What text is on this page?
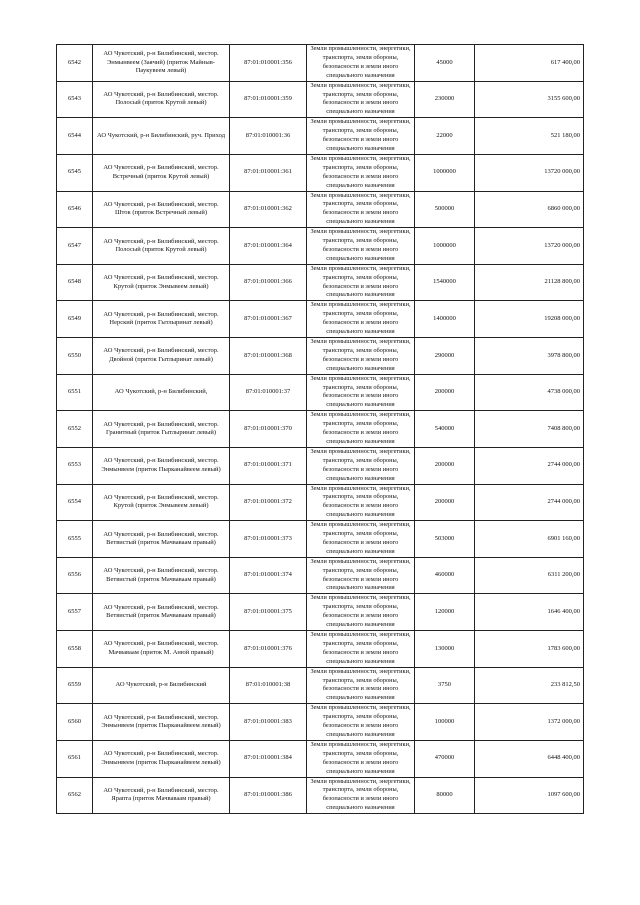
6542	АО Чукотский, р-н Билибинский, местор. Энмынвеем (Заячий) (приток Майныв-Паукувеем левый)	87:01:010001:356	Земли промышленности, энергетики, транспорта, земли обороны, безопасности и земли иного специального назначения	45000	617 400,00
6543	АО Чукотский, р-н Билибинский, местор. Полосый (приток Крутой левый)	87:01:010001:359	Земли промышленности, энергетики, транспорта, земли обороны, безопасности и земли иного специального назначения	230000	3155 600,00
6544	АО Чукотский, р-н Билибинский, руч. Приход	87:01:010001:36	Земли промышленности, энергетики, транспорта, земли обороны, безопасности и земли иного специального назначения	22000	521 180,00
6545	АО Чукотский, р-н Билибинский, местор. Встречный (приток Крутой левый)	87:01:010001:361	Земли промышленности, энергетики, транспорта, земли обороны, безопасности и земли иного специального назначения	1000000	13720 000,00
6546	АО Чукотский, р-н Билибинский, местор. Шток (приток Встречный левый)	87:01:010001:362	Земли промышленности, энергетики, транспорта, земли обороны, безопасности и земли иного специального назначения	500000	6860 000,00
6547	АО Чукотский, р-н Билибинский, местор. Полосый (приток Крутой левый)	87:01:010001:364	Земли промышленности, энергетики, транспорта, земли обороны, безопасности и земли иного специального назначения	1000000	13720 000,00
6548	АО Чукотский, р-н Билибинский, местор. Крутой (приток Энмывеем левый)	87:01:010001:366	Земли промышленности, энергетики, транспорта, земли обороны, безопасности и земли иного специального назначения	1540000	21128 800,00
6549	АО Чукотский, р-н Билибинский, местор. Нерский (приток Гытлыринат левый)	87:01:010001:367	Земли промышленности, энергетики, транспорта, земли обороны, безопасности и земли иного специального назначения	1400000	19208 000,00
6550	АО Чукотский, р-н Билибинский, местор. Двойной (приток Гытлыринат левый)	87:01:010001:368	Земли промышленности, энергетики, транспорта, земли обороны, безопасности и земли иного специального назначения	290000	3978 800,00
6551	АО Чукотский, р-н Билибинский,	87:01:010001:37	Земли промышленности, энергетики, транспорта, земли обороны, безопасности и земли иного специального назначения	200000	4738 000,00
6552	АО Чукотский, р-н Билибинский, местор. Гранитный (приток Гытлыринат левый)	87:01:010001:370	Земли промышленности, энергетики, транспорта, земли обороны, безопасности и земли иного специального назначения	540000	7408 800,00
6553	АО Чукотский, р-н Билибинский, местор. Энмынвеем (приток Пырканайвеем левый)	87:01:010001:371	Земли промышленности, энергетики, транспорта, земли обороны, безопасности и земли иного специального назначения	200000	2744 000,00
6554	АО Чукотский, р-н Билибинский, местор. Крутой (приток Энмывеем левый)	87:01:010001:372	Земли промышленности, энергетики, транспорта, земли обороны, безопасности и земли иного специального назначения	200000	2744 000,00
6555	АО Чукотский, р-н Билибинский, местор. Ветвистый (приток Мачваваам правый)	87:01:010001:373	Земли промышленности, энергетики, транспорта, земли обороны, безопасности и земли иного специального назначения	503000	6901 160,00
6556	АО Чукотский, р-н Билибинский, местор. Ветвистый (приток Мачваваам правый)	87:01:010001:374	Земли промышленности, энергетики, транспорта, земли обороны, безопасности и земли иного специального назначения	460000	6311 200,00
6557	АО Чукотский, р-н Билибинский, местор. Ветвистый (приток Мачваваам правый)	87:01:010001:375	Земли промышленности, энергетики, транспорта, земли обороны, безопасности и земли иного специального назначения	120000	1646 400,00
6558	АО Чукотский, р-н Билибинский, местор. Мачваваам (приток М. Анюй правый)	87:01:010001:376	Земли промышленности, энергетики, транспорта, земли обороны, безопасности и земли иного специального назначения	130000	1783 600,00
6559	АО Чукотский, р-н Билибинский	87:01:010001:38	Земли промышленности, энергетики, транспорта, земли обороны, безопасности и земли иного специального назначения	3750	233 812,50
6560	АО Чукотский, р-н Билибинский, местор. Энмынвеем (приток Пырканайвеем левый)	87:01:010001:383	Земли промышленности, энергетики, транспорта, земли обороны, безопасности и земли иного специального назначения	100000	1372 000,00
6561	АО Чукотский, р-н Билибинский, местор. Энмынвеем (приток Пырканайвеем левый)	87:01:010001:384	Земли промышленности, энергетики, транспорта, земли обороны, безопасности и земли иного специального назначения	470000	6448 400,00
6562	АО Чукотский, р-н Билибинский, местор. Ярапта (приток Мачваваам правый)	87:01:010001:386	Земли промышленности, энергетики, транспорта, земли обороны, безопасности и земли иного специального назначения	80000	1097 600,00
